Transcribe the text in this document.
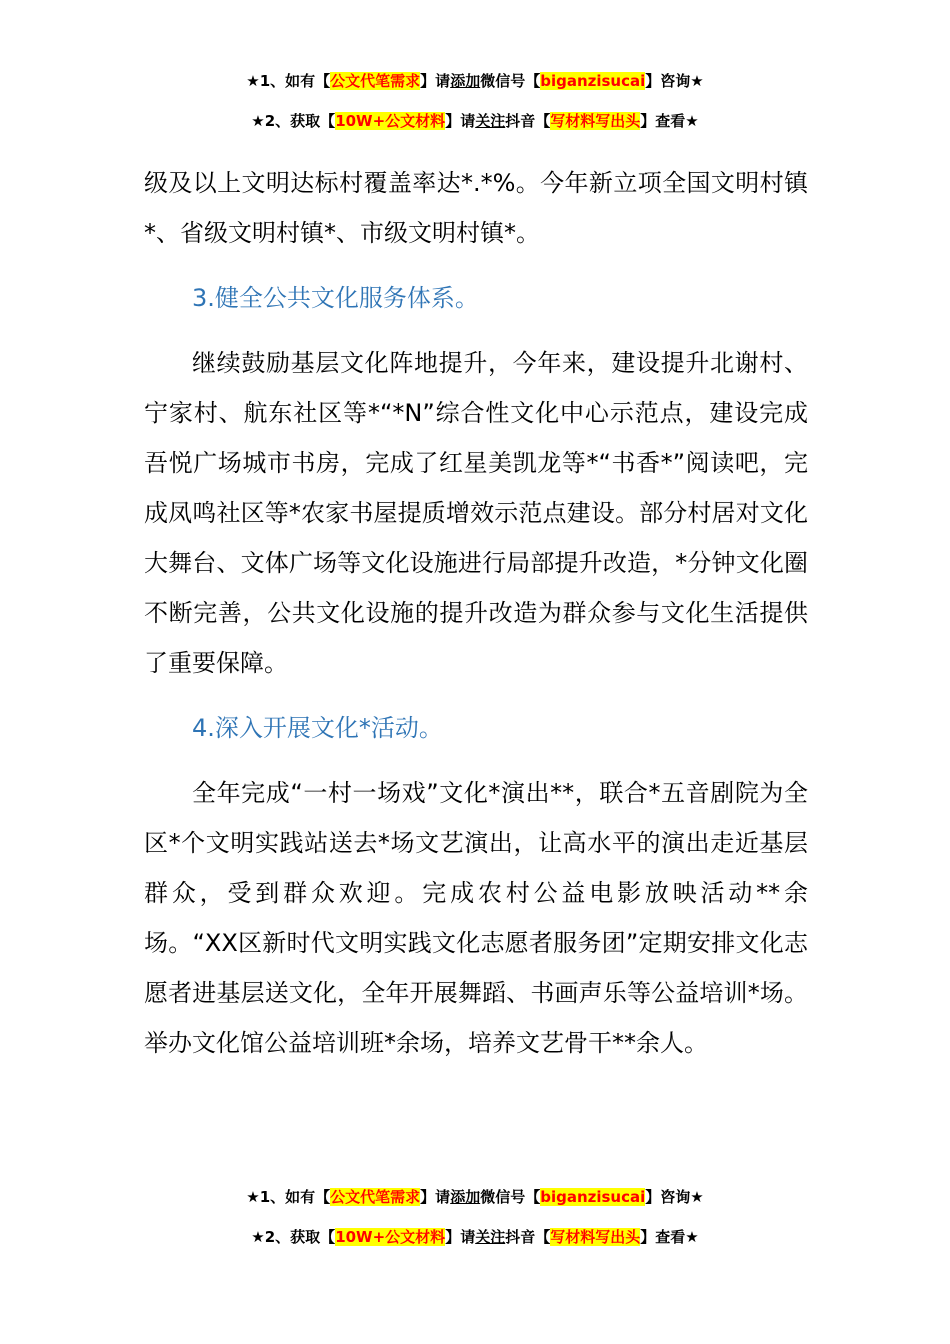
★1、如有【公文代笔需求】请添加微信号【biganzisucai】咨询★
★2、获取【10W+公文材料】请关注抖音【写材料写出头】查看★

级及以上文明达标村覆盖率达*.*%。今年新立项全国文明村镇*、省级文明村镇*、市级文明村镇*。

3.健全公共文化服务体系。

继续鼓励基层文化阵地提升，今年来，建设提升北谢村、宁家村、航东社区等*“*N”综合性文化中心示范点，建设完成吾悦广场城市书房，完成了红星美凯龙等*“书香*”阅读吧，完成凤鸣社区等*农家书屋提质增效示范点建设。部分村居对文化大舞台、文体广场等文化设施进行局部提升改造，*分钟文化圈不断完善，公共文化设施的提升改造为群众参与文化生活提供了重要保障。

4.深入开展文化*活动。

全年完成“一村一场戏”文化*演出**，联合*五音剧院为全区*个文明实践站送去*场文艺演出，让高水平的演出走近基层群众，受到群众欢迎。完成农村公益电影放映活动**余场。“XX区新时代文明实践文化志愿者服务团”定期安排文化志愿者进基层送文化，全年开展舞蹈、书画声乐等公益培训*场。举办文化馆公益培训班*余场，培养文艺骨干**余人。

★1、如有【公文代笔需求】请添加微信号【biganzisucai】咨询★
★2、获取【10W+公文材料】请关注抖音【写材料写出头】查看★
